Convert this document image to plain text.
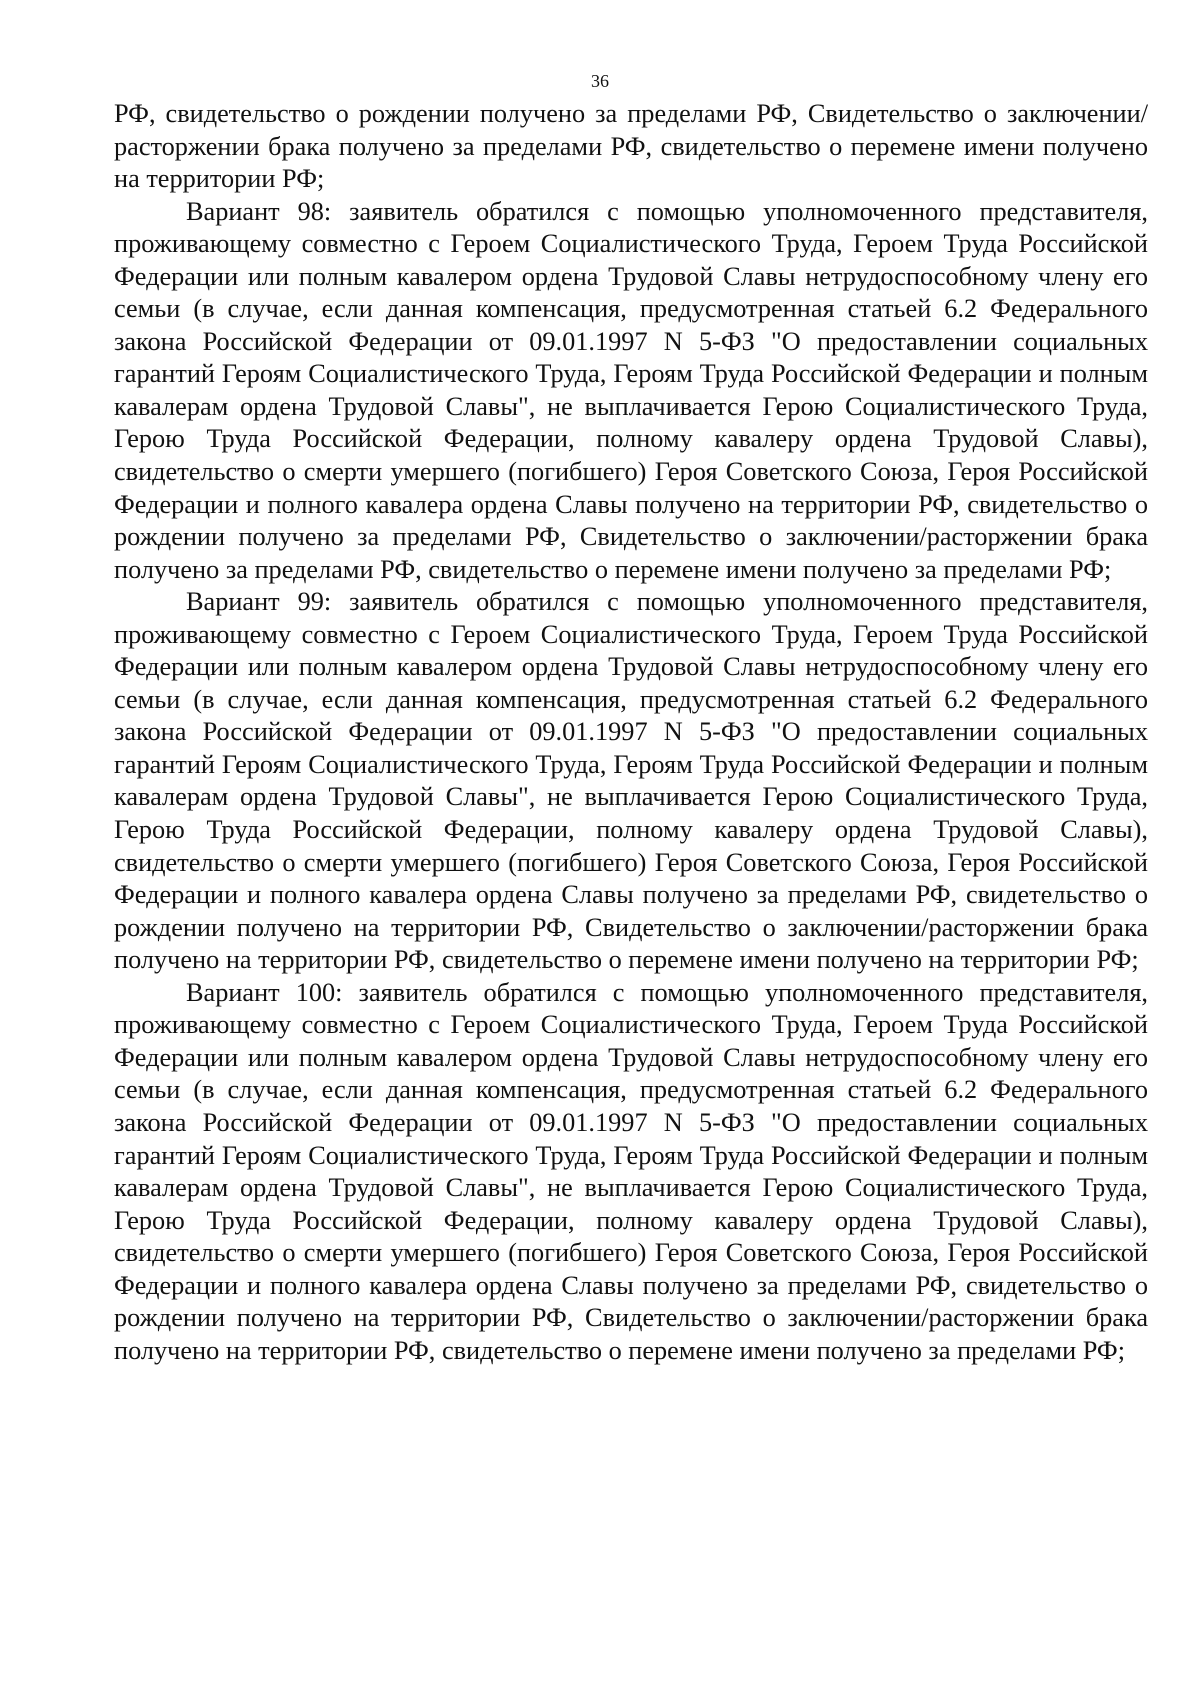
36

РФ, свидетельство о рождении получено за пределами РФ, Свидетельство о заключении/расторжении брака получено за пределами РФ, свидетельство о перемене имени получено на территории РФ;

Вариант 98: заявитель обратился с помощью уполномоченного представителя, проживающему совместно с Героем Социалистического Труда, Героем Труда Российской Федерации или полным кавалером ордена Трудовой Славы нетрудоспособному члену его семьи (в случае, если данная компенсация, предусмотренная статьей 6.2 Федерального закона Российской Федерации от 09.01.1997 N 5-ФЗ "О предоставлении социальных гарантий Героям Социалистического Труда, Героям Труда Российской Федерации и полным кавалерам ордена Трудовой Славы", не выплачивается Герою Социалистического Труда, Герою Труда Российской Федерации, полному кавалеру ордена Трудовой Славы), свидетельство о смерти умершего (погибшего) Героя Советского Союза, Героя Российской Федерации и полного кавалера ордена Славы получено на территории РФ, свидетельство о рождении получено за пределами РФ, Свидетельство о заключении/расторжении брака получено за пределами РФ, свидетельство о перемене имени получено за пределами РФ;

Вариант 99: заявитель обратился с помощью уполномоченного представителя, проживающему совместно с Героем Социалистического Труда, Героем Труда Российской Федерации или полным кавалером ордена Трудовой Славы нетрудоспособному члену его семьи (в случае, если данная компенсация, предусмотренная статьей 6.2 Федерального закона Российской Федерации от 09.01.1997 N 5-ФЗ "О предоставлении социальных гарантий Героям Социалистического Труда, Героям Труда Российской Федерации и полным кавалерам ордена Трудовой Славы", не выплачивается Герою Социалистического Труда, Герою Труда Российской Федерации, полному кавалеру ордена Трудовой Славы), свидетельство о смерти умершего (погибшего) Героя Советского Союза, Героя Российской Федерации и полного кавалера ордена Славы получено за пределами РФ, свидетельство о рождении получено на территории РФ, Свидетельство о заключении/расторжении брака получено на территории РФ, свидетельство о перемене имени получено на территории РФ;

Вариант 100: заявитель обратился с помощью уполномоченного представителя, проживающему совместно с Героем Социалистического Труда, Героем Труда Российской Федерации или полным кавалером ордена Трудовой Славы нетрудоспособному члену его семьи (в случае, если данная компенсация, предусмотренная статьей 6.2 Федерального закона Российской Федерации от 09.01.1997 N 5-ФЗ "О предоставлении социальных гарантий Героям Социалистического Труда, Героям Труда Российской Федерации и полным кавалерам ордена Трудовой Славы", не выплачивается Герою Социалистического Труда, Герою Труда Российской Федерации, полному кавалеру ордена Трудовой Славы), свидетельство о смерти умершего (погибшего) Героя Советского Союза, Героя Российской Федерации и полного кавалера ордена Славы получено за пределами РФ, свидетельство о рождении получено на территории РФ, Свидетельство о заключении/расторжении брака получено на территории РФ, свидетельство о перемене имени получено за пределами РФ;
